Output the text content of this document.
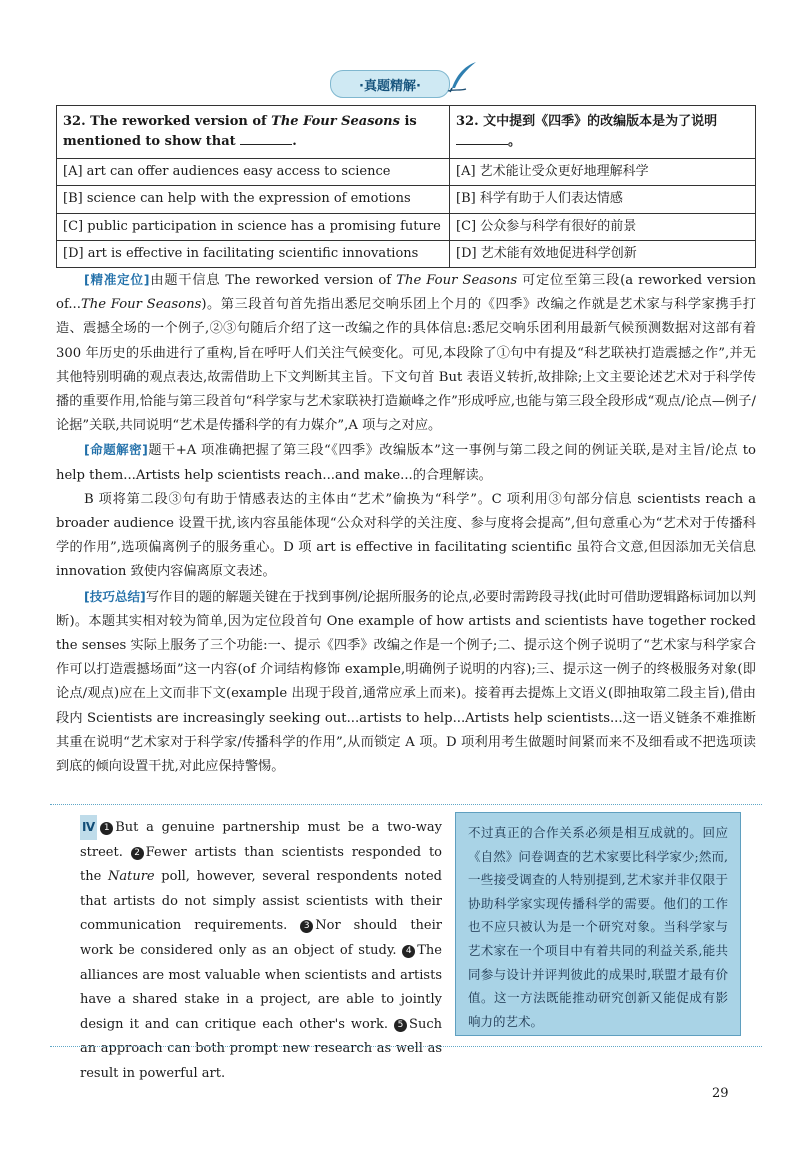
·真题精解·
32. The reworked version of The Four Seasons is mentioned to show that .	32. 文中提到《四季》的改编版本是为了说明。
[A] art can offer audiences easy access to science	[A] 艺术能让受众更好地理解科学
[B] science can help with the expression of emotions	[B] 科学有助于人们表达情感
[C] public participation in science has a promising future	[C] 公众参与科学有很好的前景
[D] art is effective in facilitating scientific innovations	[D] 艺术能有效地促进科学创新

[精准定位]由题干信息 The reworked version of The Four Seasons 可定位至第三段(a reworked version of...The Four Seasons)。第三段首句首先指出悉尼交响乐团上个月的《四季》改编之作就是艺术家与科学家携手打造、震撼全场的一个例子,②③句随后介绍了这一改编之作的具体信息:悉尼交响乐团利用最新气候预测数据对这部有着 300 年历史的乐曲进行了重构,旨在呼吁人们关注气候变化。可见,本段除了①句中有提及“科艺联袂打造震撼之作”,并无其他特别明确的观点表达,故需借助上下文判断其主旨。下文句首 But 表语义转折,故排除;上文主要论述艺术对于科学传播的重要作用,恰能与第三段首句“科学家与艺术家联袂打造巅峰之作”形成呼应,也能与第三段全段形成“观点/论点—例子/论据”关联,共同说明“艺术是传播科学的有力媒介”,A 项与之对应。

[命题解密]题干+A 项准确把握了第三段“《四季》改编版本”这一事例与第二段之间的例证关联,是对主旨/论点 to help them...Artists help scientists reach...and make...的合理解读。

B 项将第二段③句有助于情感表达的主体由“艺术”偷换为“科学”。C 项利用③句部分信息 scientists reach a broader audience 设置干扰,该内容虽能体现“公众对科学的关注度、参与度将会提高”,但句意重心为“艺术对于传播科学的作用”,选项偏离例子的服务重心。D 项 art is effective in facilitating scientific 虽符合文意,但因添加无关信息 innovation 致使内容偏离原文表述。

[技巧总结]写作目的题的解题关键在于找到事例/论据所服务的论点,必要时需跨段寻找(此时可借助逻辑路标词加以判断)。本题其实相对较为简单,因为定位段首句 One example of how artists and scientists have together rocked the senses 实际上服务了三个功能:一、提示《四季》改编之作是一个例子;二、提示这个例子说明了“艺术家与科学家合作可以打造震撼场面”这一内容(of 介词结构修饰 example,明确例子说明的内容);三、提示这一例子的终极服务对象(即论点/观点)应在上文而非下文(example 出现于段首,通常应承上而来)。接着再去提炼上文语义(即抽取第二段主旨),借由段内 Scientists are increasingly seeking out...artists to help...Artists help scientists...这一语义链条不难推断其重在说明“艺术家对于科学家/传播科学的作用”,从而锁定 A 项。D 项利用考生做题时间紧而来不及细看或不把选项读到底的倾向设置干扰,对此应保持警惕。

Ⅳ 1 But a genuine partnership must be a two-way street. 2 Fewer artists than scientists responded to the Nature poll, however, several respondents noted that artists do not simply assist scientists with their communication requirements. 3 Nor should their work be considered only as an object of study. 4 The alliances are most valuable when scientists and artists have a shared stake in a project, are able to jointly design it and can critique each other's work. 5 Such an approach can both prompt new research as well as result in powerful art.
不过真正的合作关系必须是相互成就的。回应《自然》问卷调查的艺术家要比科学家少;然而,一些接受调查的人特别提到,艺术家并非仅限于协助科学家实现传播科学的需要。他们的工作也不应只被认为是一个研究对象。当科学家与艺术家在一个项目中有着共同的利益关系,能共同参与设计并评判彼此的成果时,联盟才最有价值。这一方法既能推动研究创新又能促成有影响力的艺术。
29
